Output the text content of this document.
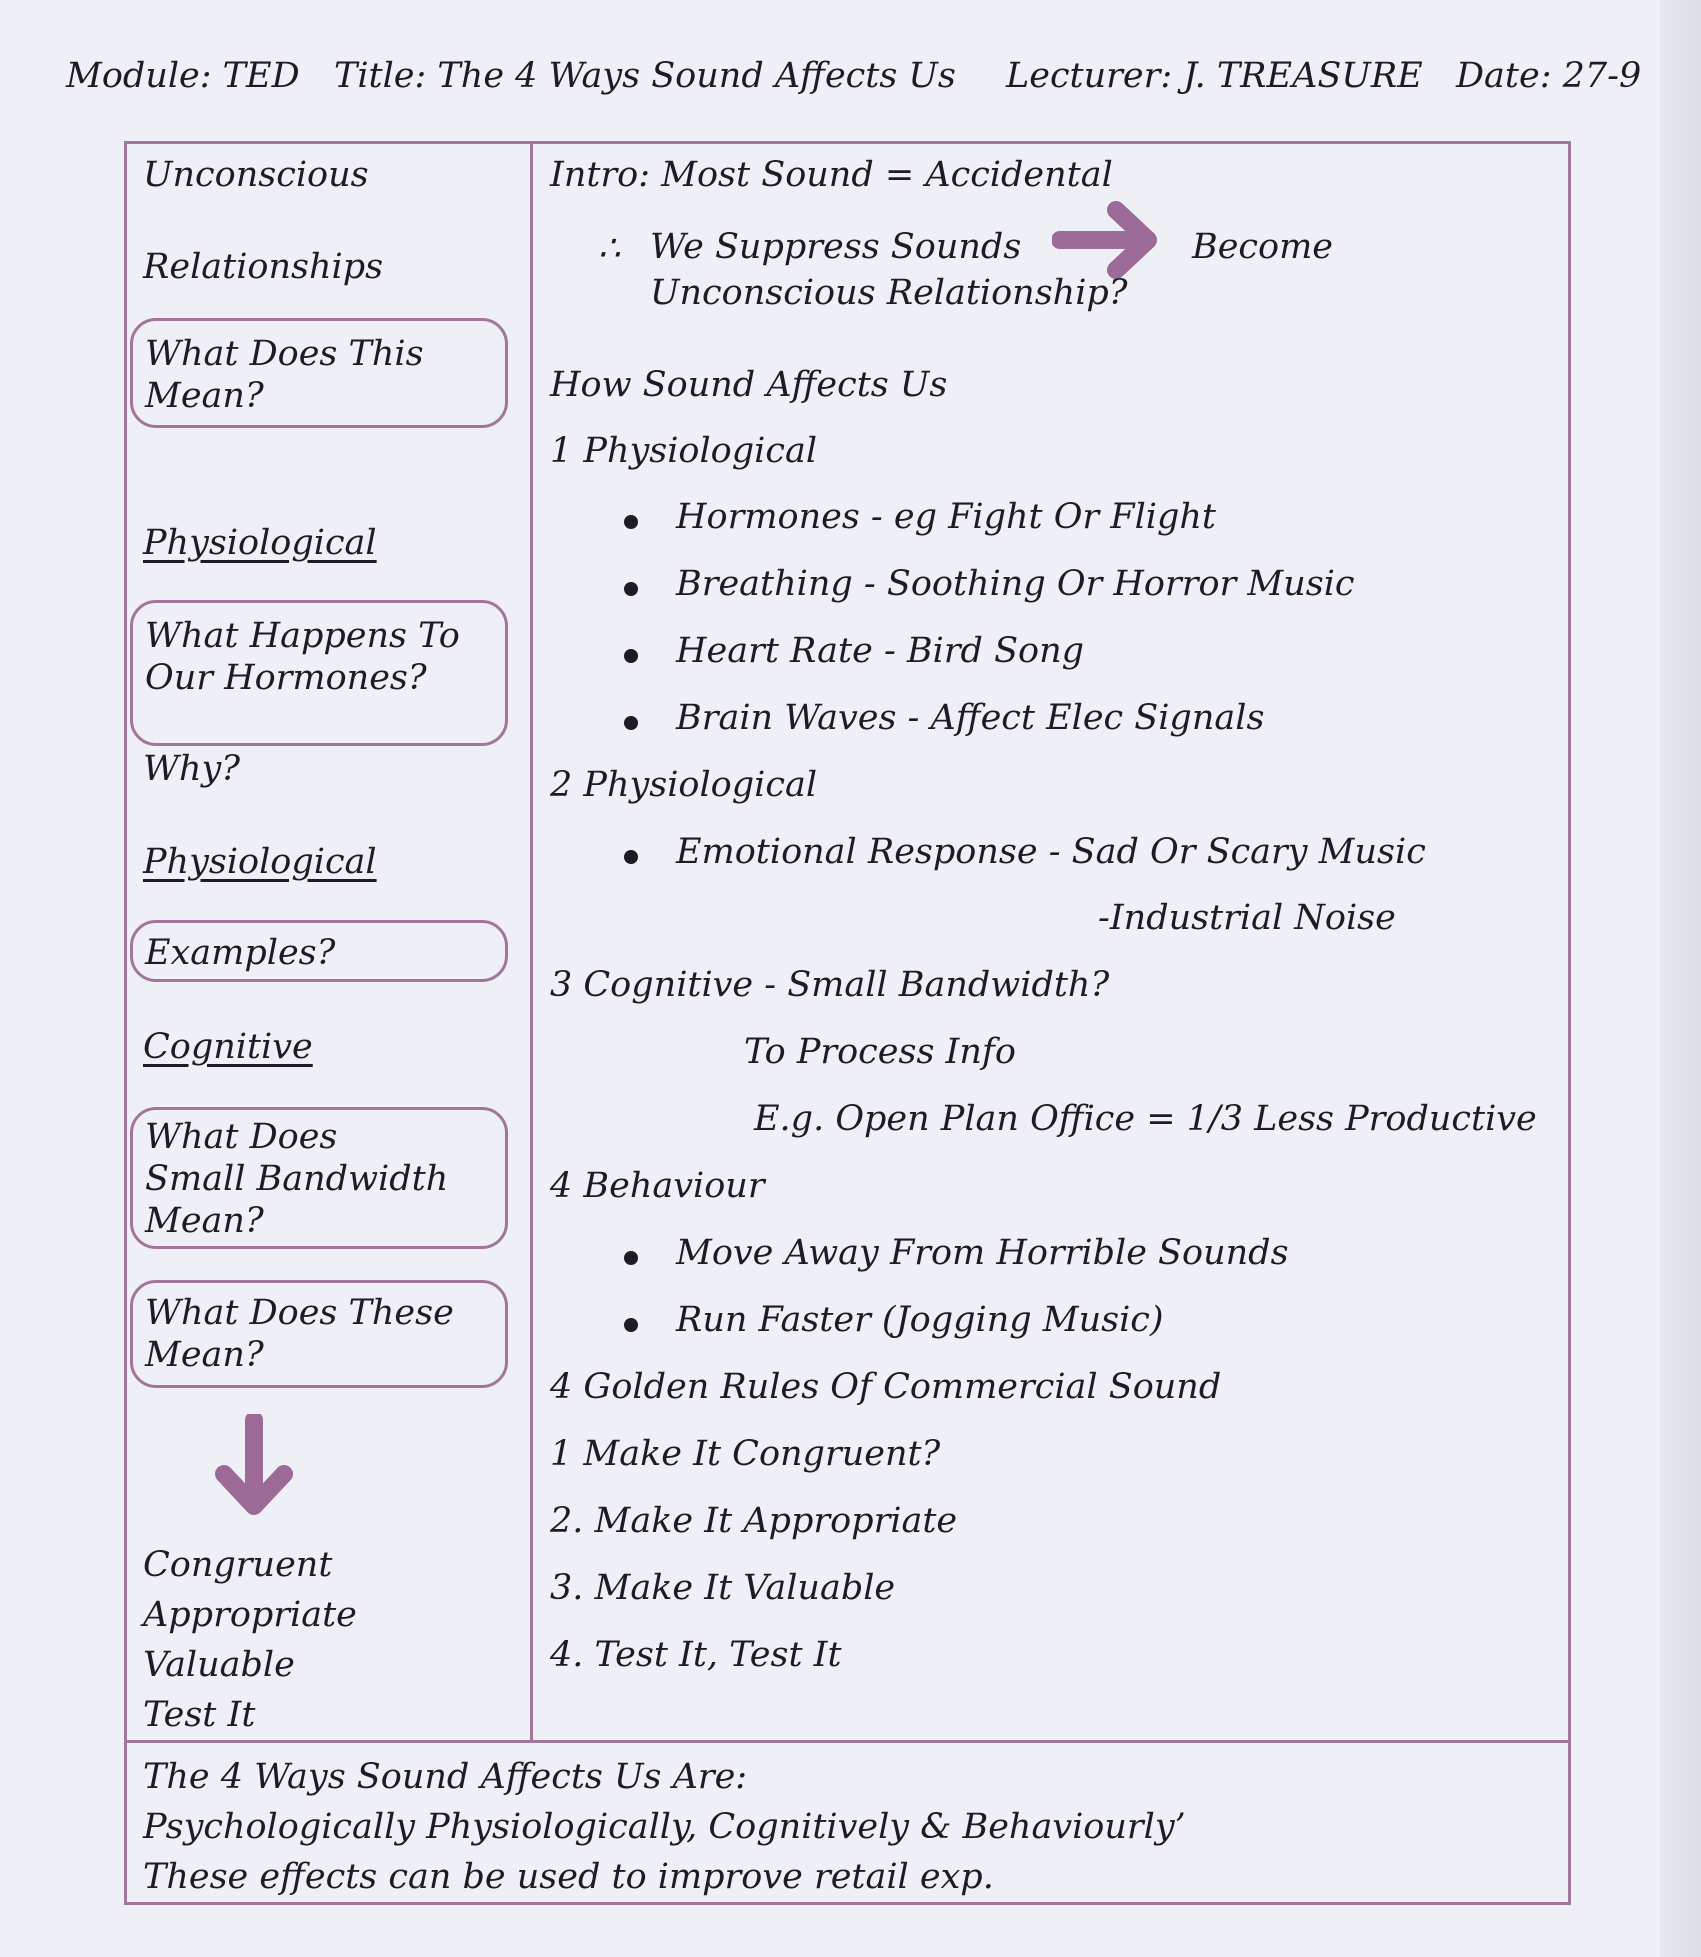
Module: TED Title: The 4 Ways Sound Affects Us Lecturer: J. TREASURE Date: 27-9
Unconscious
Relationships
What Does This
Mean?
Physiological
What Happens To
Our Hormones?
Why?
Physiological
Examples?
Cognitive
What Does
Small Bandwidth
Mean?
What Does These
Mean?
Congruent
Appropriate
Valuable
Test It
Intro: Most Sound = Accidental
∴ We Suppress Sounds	Become
Unconscious Relationship?
How Sound Affects Us
1 Physiological
Hormones - eg Fight Or Flight
Breathing - Soothing Or Horror Music
Heart Rate - Bird Song
Brain Waves - Affect Elec Signals
2 Physiological
Emotional Response - Sad Or Scary Music
-Industrial Noise
3 Cognitive - Small Bandwidth?
To Process Info
E.g. Open Plan Office = 1/3 Less Productive
4 Behaviour
Move Away From Horrible Sounds
Run Faster (Jogging Music)
4 Golden Rules Of Commercial Sound
1 Make It Congruent?
2. Make It Appropriate
3. Make It Valuable
4. Test It, Test It
The 4 Ways Sound Affects Us Are:
Psychologically Physiologically, Cognitively & Behaviourly’
These effects can be used to improve retail exp.
